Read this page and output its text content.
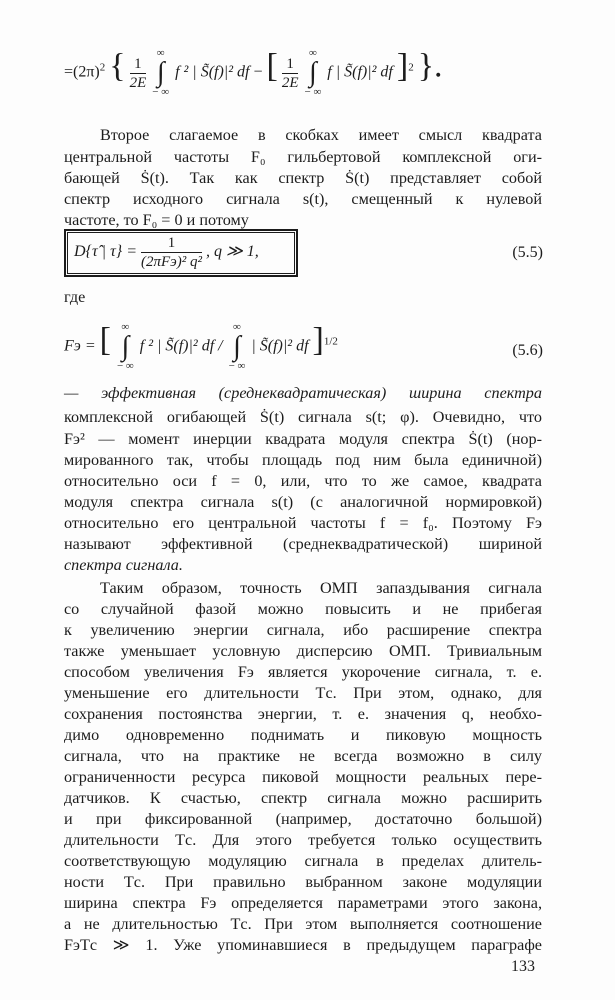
$=(2\pi)^2$ { $\frac{1}{2E}$
∞
∫
− ∞ f ² | S̃(f)|² df − [ $\frac{1}{2E}$
∞
∫
− ∞ f | S̃(f)|² df ]$^2$ }.
Второе слагаемое в скобках имеет смысл квадрата
центральной частоты F₀ гильбертовой комплексной оги-
бающей Ṡ(t). Так как спектр Ṡ(t) представляет собой
спектр исходного сигнала s(t), смещенный к нулевой
частоте, то F₀ = 0 и потому
D{τ̂ | $\tau\} = \frac{1}{\text{(2πFэ)² q²}}$ , q ≫ 1,	(5.5)
где
Fэ = [ ∞
∫
− ∞ f ² | S̃(f)|² df / ∞
∫
− ∞ | S̃(f)|² df ]$^{1/2}$
(5.6)
— эффективная (среднеквадратическая) ширина спектра
комплексной огибающей Ṡ(t) сигнала s(t; φ). Очевидно, что
Fэ² — момент инерции квадрата модуля спектра Ṡ(t) (нор-
мированного так, чтобы площадь под ним была единичной)
относительно оси f = 0, или, что то же самое, квадрата
модуля спектра сигнала s(t) (с аналогичной нормировкой)
относительно его центральной частоты f = f₀. Поэтому Fэ
называют эффективной (среднеквадратической) шириной
спектра сигнала.
Таким образом, точность ОМП запаздывания сигнала
со случайной фазой можно повысить и не прибегая
к увеличению энергии сигнала, ибо расширение спектра
также уменьшает условную дисперсию ОМП. Тривиальным
способом увеличения Fэ является укорочение сигнала, т. е.
уменьшение его длительности Tс. При этом, однако, для
сохранения постоянства энергии, т. е. значения q, необхо-
димо одновременно поднимать и пиковую мощность
сигнала, что на практике не всегда возможно в силу
ограниченности ресурса пиковой мощности реальных пере-
датчиков. К счастью, спектр сигнала можно расширить
и при фиксированной (например, достаточно большой)
длительности Tс. Для этого требуется только осуществить
соответствующую модуляцию сигнала в пределах длитель-
ности Tс. При правильно выбранном законе модуляции
ширина спектра Fэ определяется параметрами этого закона,
а не длительностью Tс. При этом выполняется соотношение
FэTс ≫ 1. Уже упоминавшиеся в предыдущем параграфе
133
